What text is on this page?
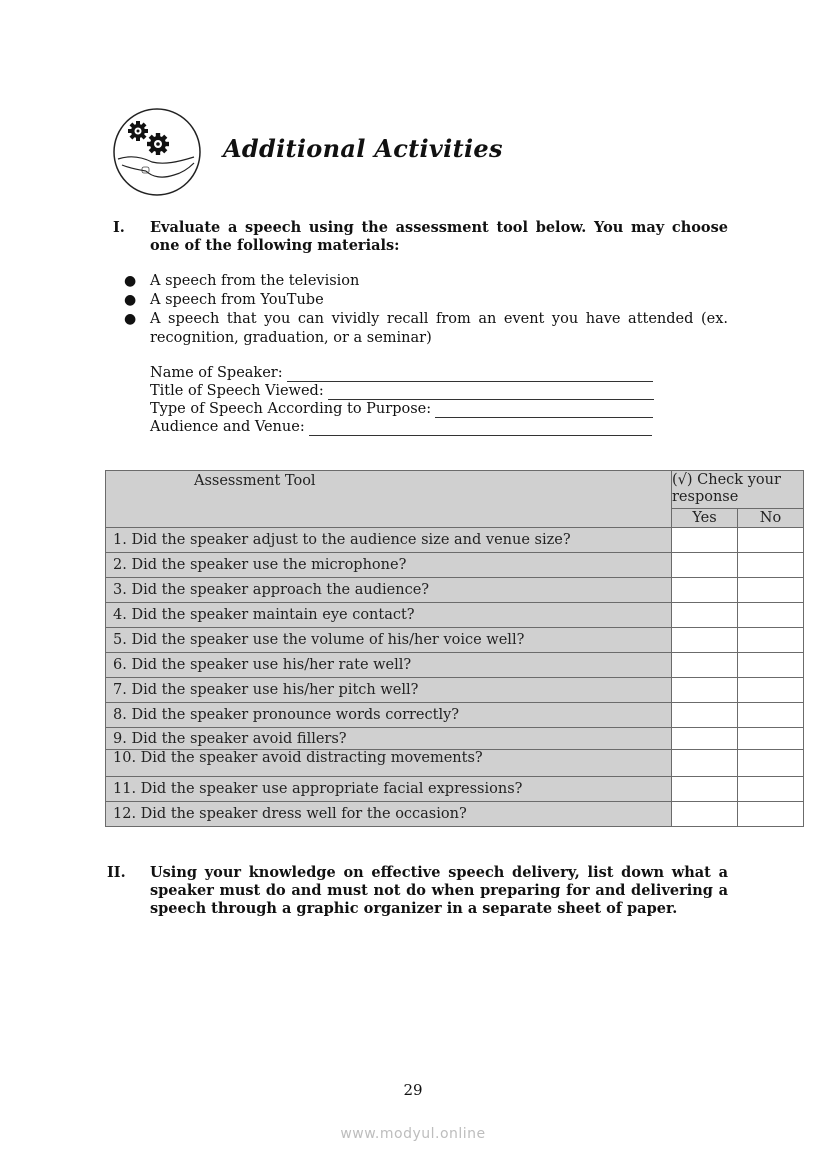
Additional Activities
I. Evaluate a speech using the assessment tool below. You may choose one of the following materials:
● A speech from the television
● A speech from YouTube
● A speech that you can vividly recall from an event you have attended (ex. recognition, graduation, or a seminar)
Name of Speaker:
Title of Speech Viewed:
Type of Speech According to Purpose:
Audience and Venue:
Assessment Tool	(√) Check your response	
	Yes	No
1. Did the speaker adjust to the audience size and venue size?		
2. Did the speaker use the microphone?		
3. Did the speaker approach the audience?		
4. Did the speaker maintain eye contact?		
5. Did the speaker use the volume of his/her voice well?		
6. Did the speaker use his/her rate well?		
7. Did the speaker use his/her pitch well?		
8. Did the speaker pronounce words correctly?		
9. Did the speaker avoid fillers?		
10. Did the speaker avoid distracting movements?		
11. Did the speaker use appropriate facial expressions?		
12. Did the speaker dress well for the occasion?		
II. Using your knowledge on effective speech delivery, list down what a speaker must do and must not do when preparing for and delivering a speech through a graphic organizer in a separate sheet of paper.
29
www.modyul.online
